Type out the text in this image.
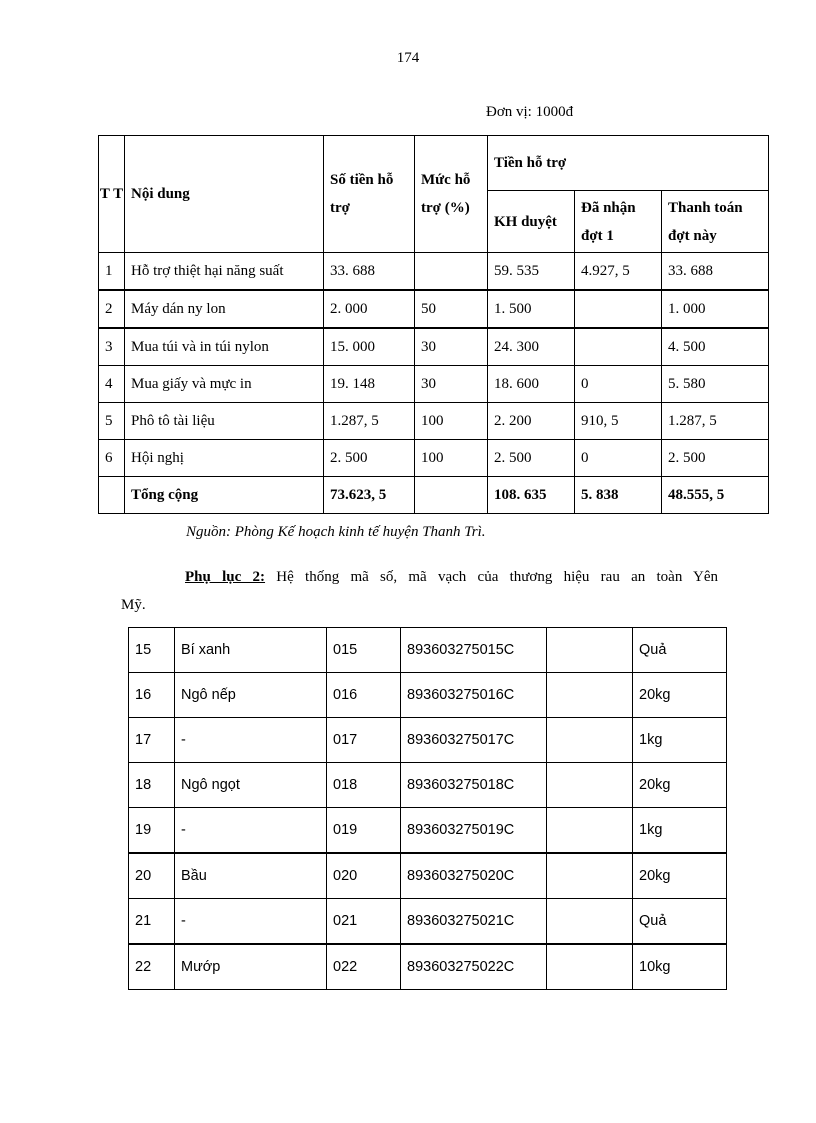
174
Đơn vị: 1000đ
T T	Nội dung	Số tiền hỗ trợ	Mức hỗ trợ (%)	Tiền hỗ trợ		
				KH duyệt	Đã nhận đợt 1	Thanh toán đợt này
1	Hỗ trợ thiệt hại năng suất	33. 688		59. 535	4.927, 5	33. 688
2	Máy dán ny lon	2. 000	50	1. 500		1. 000
3	Mua túi và in túi nylon	15. 000	30	24. 300		4. 500
4	Mua giấy và mực in	19. 148	30	18. 600	0	5. 580
5	Phô tô tài liệu	1.287, 5	100	2. 200	910, 5	1.287, 5
6	Hội nghị	2. 500	100	2. 500	0	2. 500
	Tổng cộng	73.623, 5		108. 635	5. 838	48.555, 5
Nguồn: Phòng Kế hoạch kinh tế huyện Thanh Trì.
Phụ lục 2: Hệ thống mã số, mã vạch của thương hiệu rau an toàn Yên
Mỹ.
15	Bí xanh	015	893603275015C		Quả
16	Ngô nếp	016	893603275016C		20kg
17	-	017	893603275017C		1kg
18	Ngô ngọt	018	893603275018C		20kg
19	-	019	893603275019C		1kg
20	Bầu	020	893603275020C		20kg
21	-	021	893603275021C		Quả
22	Mướp	022	893603275022C		10kg
